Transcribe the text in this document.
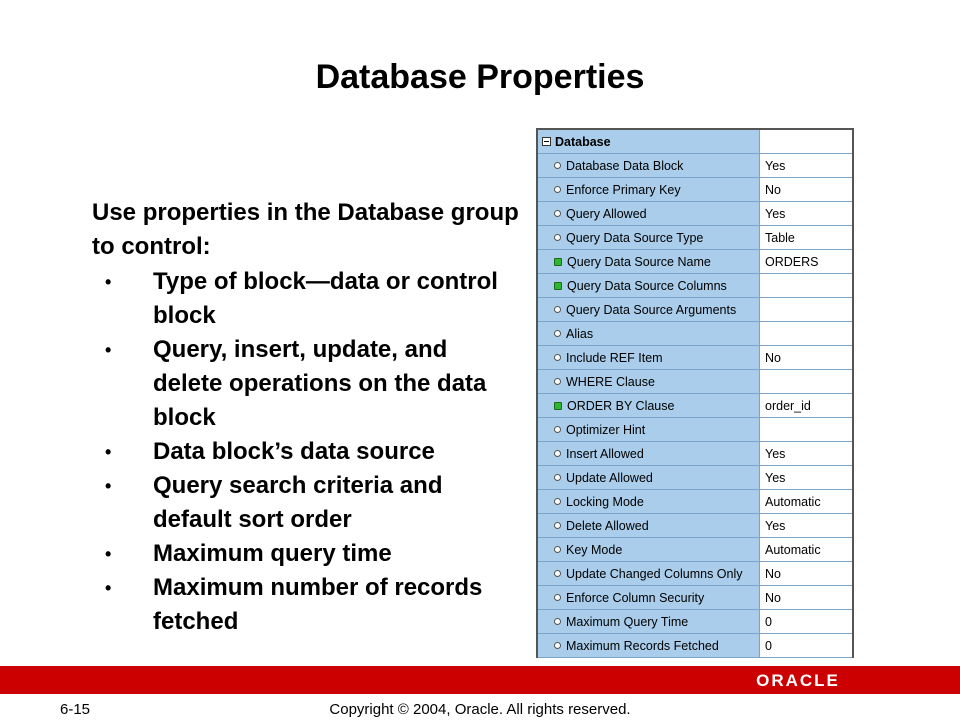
Database Properties
Use properties in the Database group to control:
• Type of block—data or control block
• Query, insert, update, and delete operations on the data block
• Data block’s data source
• Query search criteria and default sort order
• Maximum query time
• Maximum number of records fetched
Database
Database Data Block	Yes
Enforce Primary Key	No
Query Allowed	Yes
Query Data Source Type	Table
Query Data Source Name	ORDERS
Query Data Source Columns
Query Data Source Arguments
Alias
Include REF Item	No
WHERE Clause
ORDER BY Clause	order_id
Optimizer Hint
Insert Allowed	Yes
Update Allowed	Yes
Locking Mode	Automatic
Delete Allowed	Yes
Key Mode	Automatic
Update Changed Columns Only	No
Enforce Column Security	No
Maximum Query Time	0
Maximum Records Fetched	0
ORACLE
6-15	Copyright © 2004, Oracle. All rights reserved.
